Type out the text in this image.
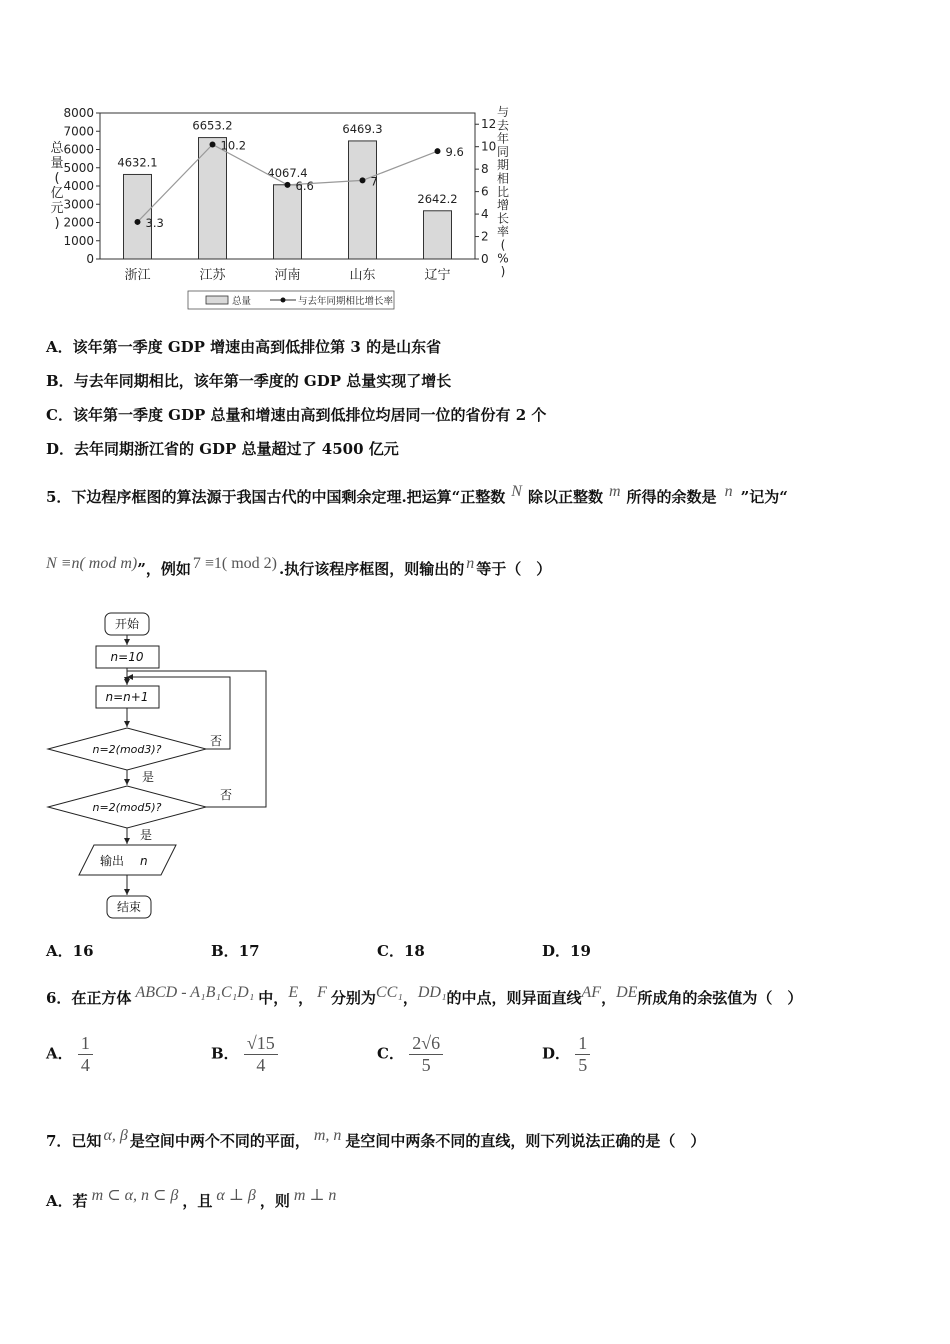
0
1000
2000
3000
4000
5000
6000
7000
8000
0
2
4
6
8
10
12
总
量
(
亿
元
)
与
去
年
同
期
相
比
增
长
率
(
%
)
4632.1
6653.2
4067.4
6469.3
2642.2
浙江	江苏	河南	山东	辽宁
3.3
10.2
6.6	7
9.6
总量	与去年同期相比增长率
A．该年第一季度 GDP 增速由高到低排位第 3 的是山东省
B．与去年同期相比，该年第一季度的 GDP 总量实现了增长
C．该年第一季度 GDP 总量和增速由高到低排位均居同一位的省份有 2 个
D．去年同期浙江省的 GDP 总量超过了 4500 亿元
5．下边程序框图的算法源于我国古代的中国剩余定理.把运算“正整数 $^N$ 除以正整数 $^m$ 所得的余数是 $^n$ ”记为“
$^{N \equiv n( mod m)}$”，例如 $^{7 \equiv 1( mod 2)}$ .执行该程序框图，则输出的 $^n$ 等于（　）
开始
n=10
n=n+1
n=2(mod3)?
n=2(mod5)?
是
是
否
否
输出 n
结束
A．16	B．17	C．18	D．19
6．在正方体 $^{ABCD - A_1B_1C_1D_1}$ 中，$^E$， $^F$ 分别为$^{CC_1}$，$^{DD_1}$的中点，则异面直线$^{AF}$，$^{DE}$所成角的余弦值为（　）
A． $\frac{1}{4}$	B． $\frac{√15}{4}$	C． $\frac{2√6}{5}$	D． $\frac{1}{5}$
7．已知 $^{\alpha, \beta}$ 是空间中两个不同的平面， $^{m, n}$ 是空间中两条不同的直线，则下列说法正确的是（　）
A．若 $^{m \subset \alpha, n \subset \beta}$ ，且 $^{\alpha \perp \beta}$ ，则 $^{m \perp n}$
